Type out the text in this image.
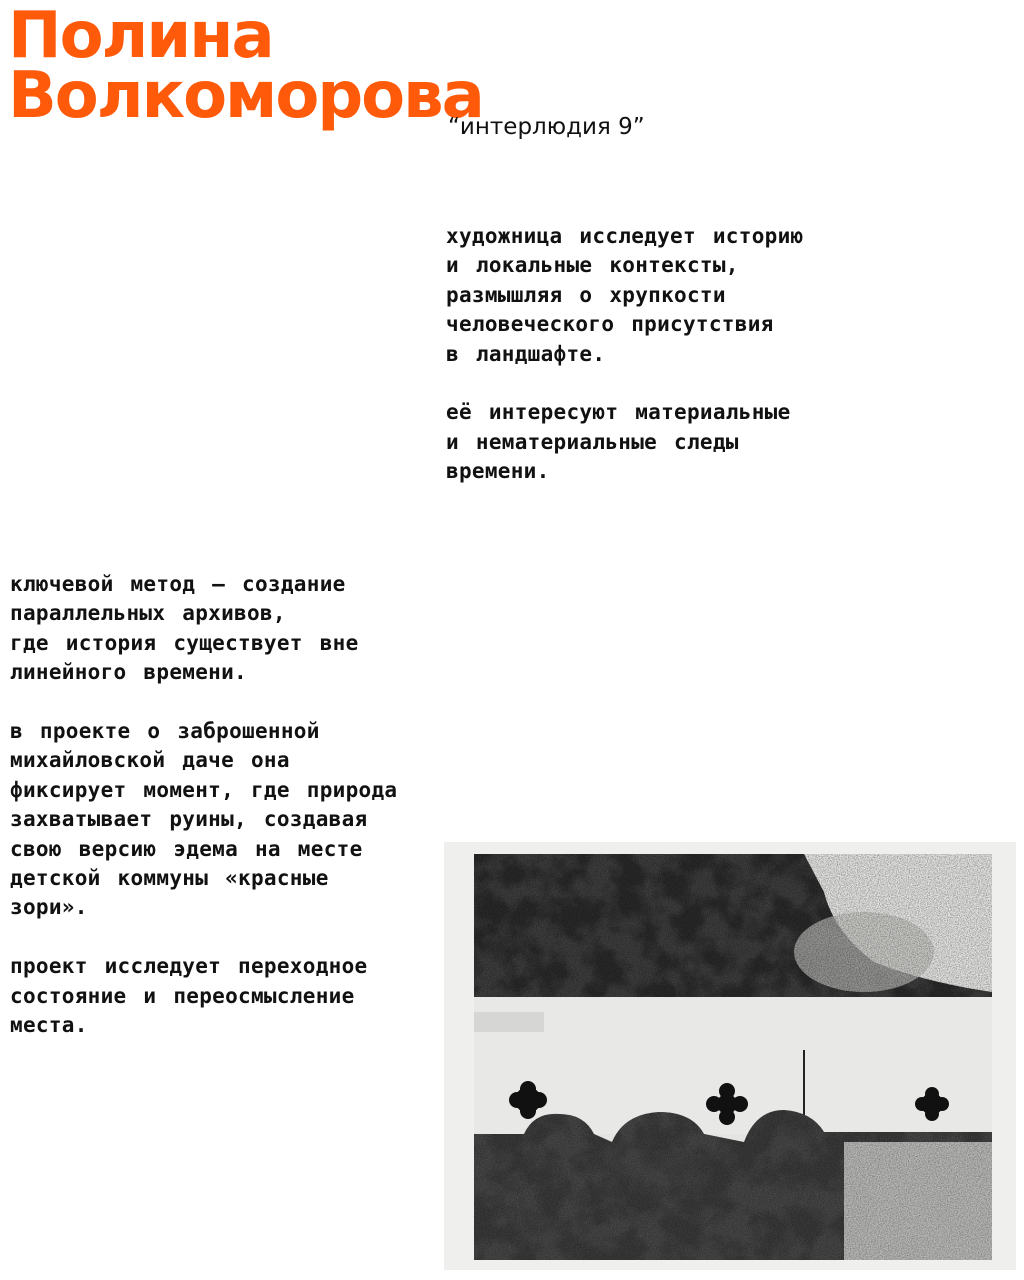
Полина
Волкоморова
“интерлюдия 9”

художница исследует историю
и локальные контексты,
размышляя о хрупкости
человеческого присутствия
в ландшафте.

её интересуют материальные
и нематериальные следы
времени.

ключевой метод — создание
параллельных архивов,
где история существует вне
линейного времени.

в проекте о заброшенной
михайловской даче она
фиксирует момент, где природа
захватывает руины, создавая
свою версию эдема на месте
детской коммуны «красные
зори».

проект исследует переходное
состояние и переосмысление
места.
